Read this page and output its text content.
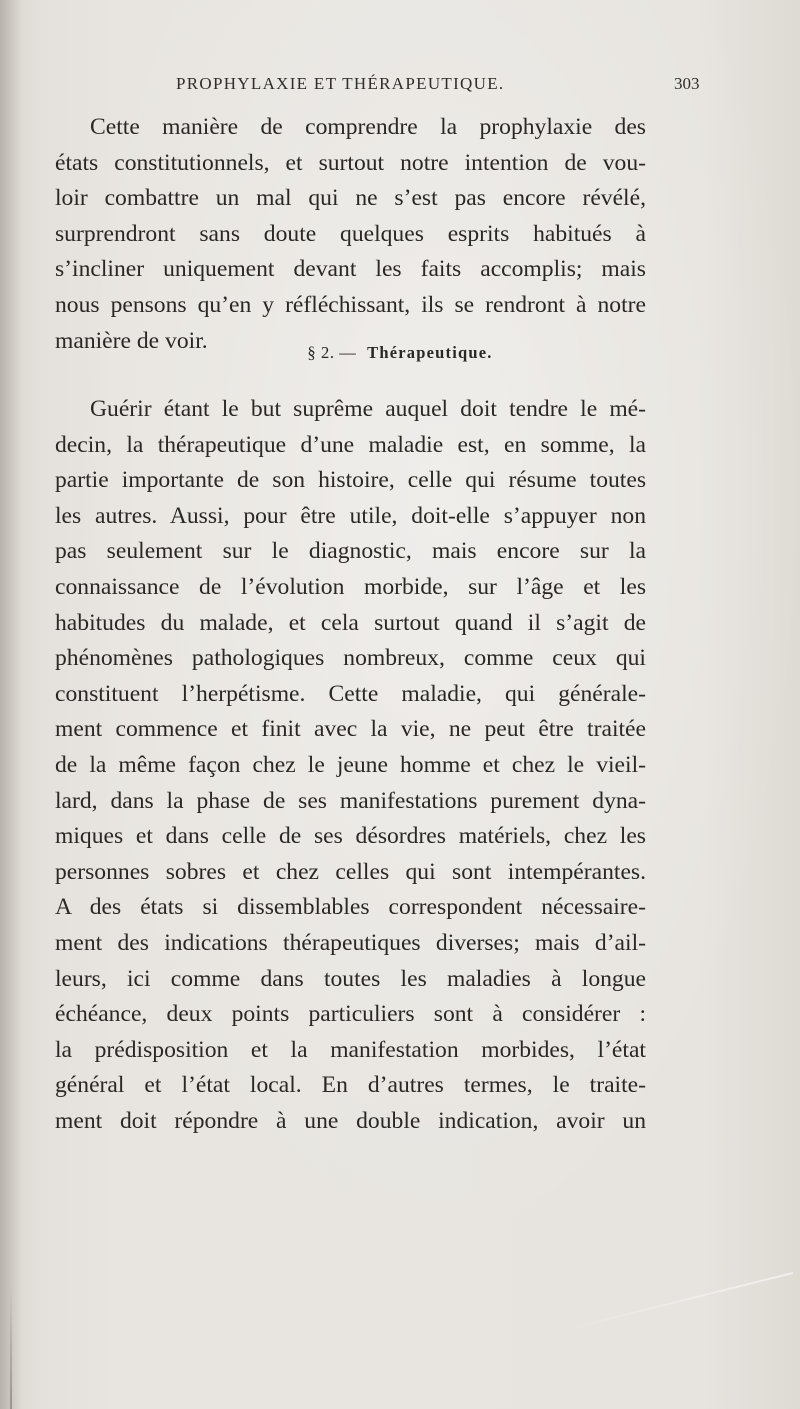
PROPHYLAXIE ET THÉRAPEUTIQUE.	303
Cette manière de comprendre la prophylaxie des
états constitutionnels, et surtout notre intention de vou-
loir combattre un mal qui ne s’est pas encore révélé,
surprendront sans doute quelques esprits habitués à
s’incliner uniquement devant les faits accomplis; mais
nous pensons qu’en y réfléchissant, ils se rendront à notre
manière de voir.	§ 2. — Thérapeutique.
Guérir étant le but suprême auquel doit tendre le mé-
decin, la thérapeutique d’une maladie est, en somme, la
partie importante de son histoire, celle qui résume toutes
les autres. Aussi, pour être utile, doit-elle s’appuyer non
pas seulement sur le diagnostic, mais encore sur la
connaissance de l’évolution morbide, sur l’âge et les
habitudes du malade, et cela surtout quand il s’agit de
phénomènes pathologiques nombreux, comme ceux qui
constituent l’herpétisme. Cette maladie, qui générale-
ment commence et finit avec la vie, ne peut être traitée
de la même façon chez le jeune homme et chez le vieil-
lard, dans la phase de ses manifestations purement dyna-
miques et dans celle de ses désordres matériels, chez les
personnes sobres et chez celles qui sont intempérantes.
A des états si dissemblables correspondent nécessaire-
ment des indications thérapeutiques diverses; mais d’ail-
leurs, ici comme dans toutes les maladies à longue
échéance, deux points particuliers sont à considérer :
la prédisposition et la manifestation morbides, l’état
général et l’état local. En d’autres termes, le traite-
ment doit répondre à une double indication, avoir un
